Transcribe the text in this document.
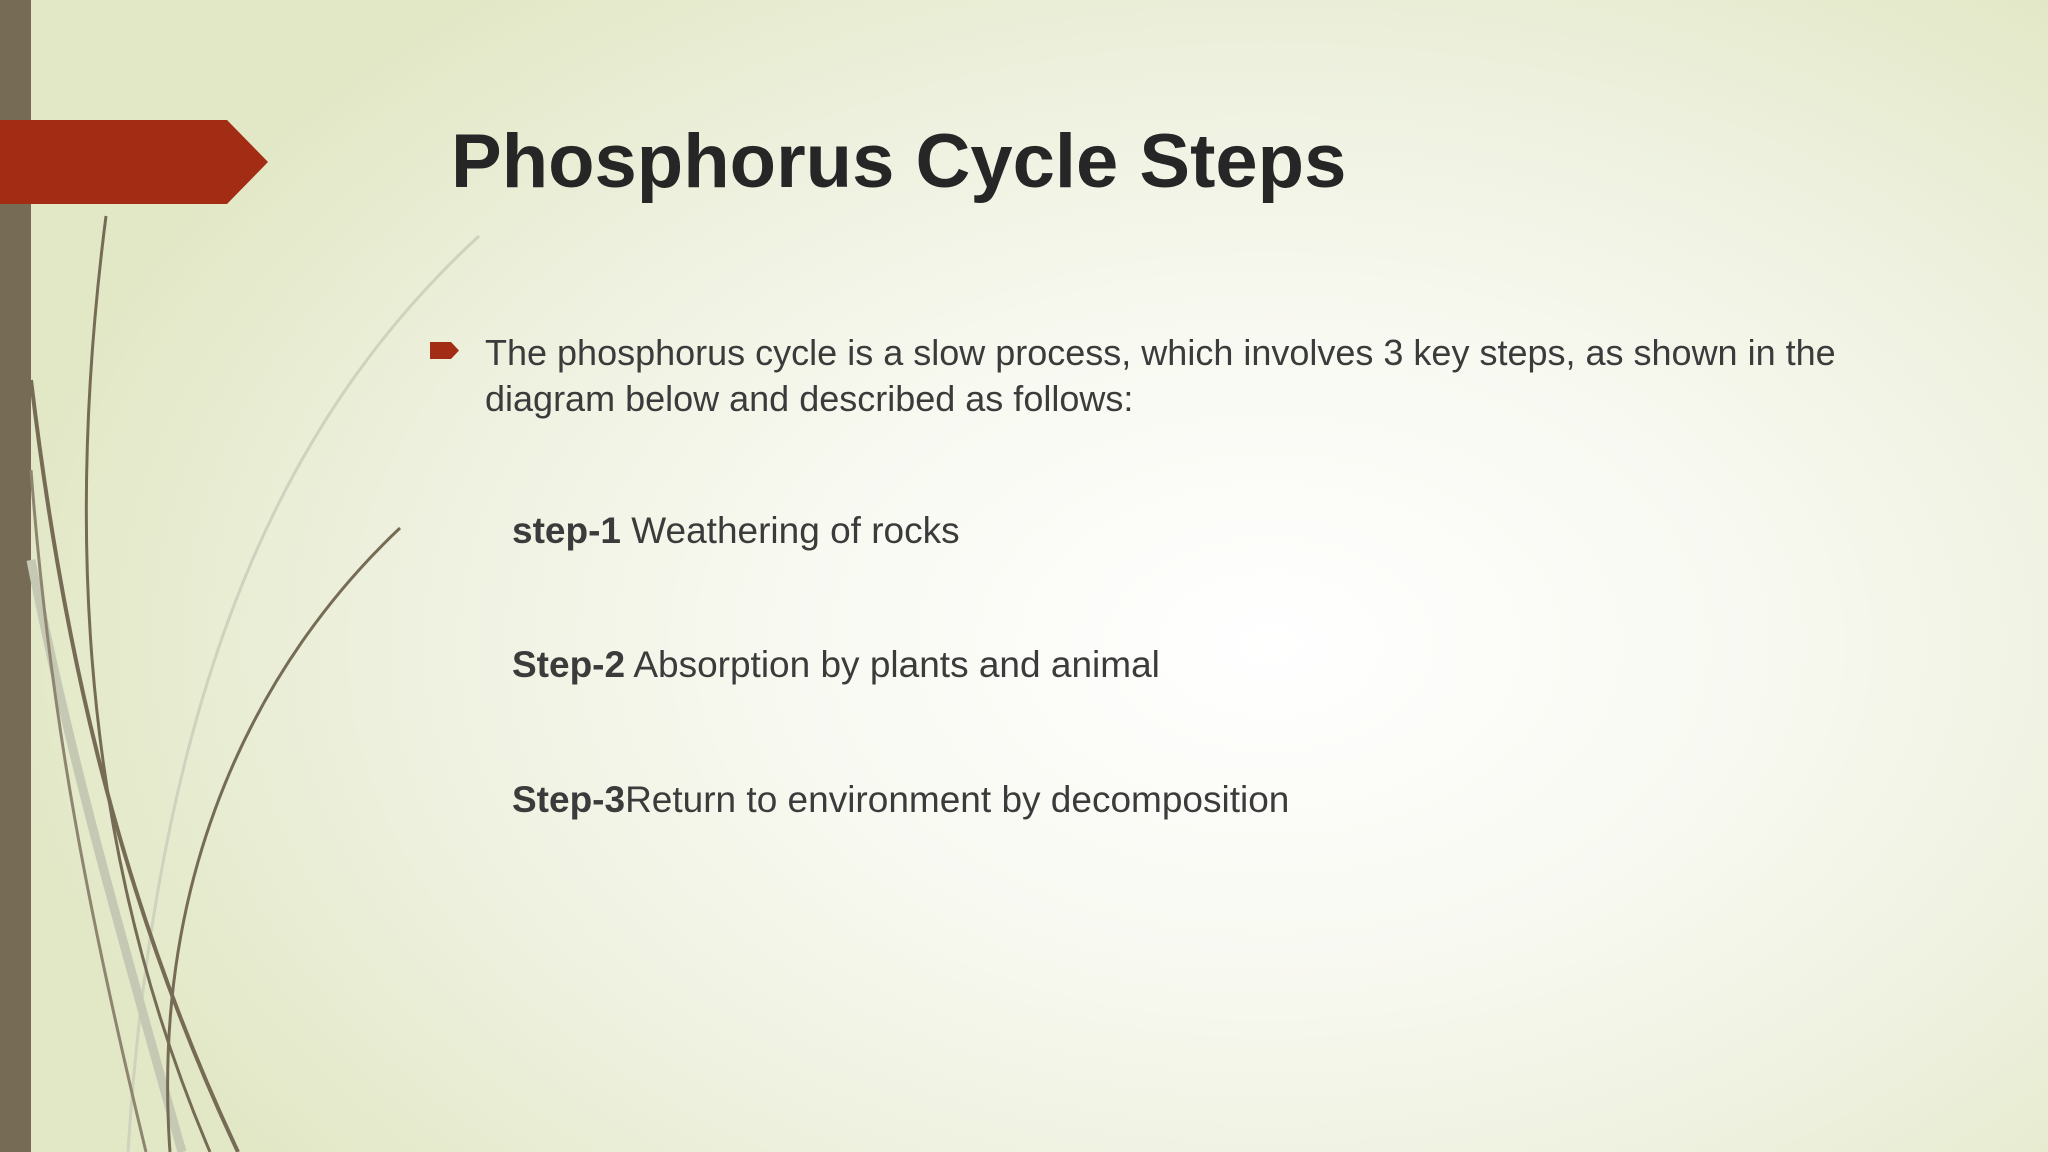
Phosphorus Cycle Steps
The phosphorus cycle is a slow process, which involves 3 key steps, as shown in the diagram below and described as follows:
step-1 Weathering of rocks
Step-2 Absorption by plants and animal
Step-3Return to environment by decomposition
